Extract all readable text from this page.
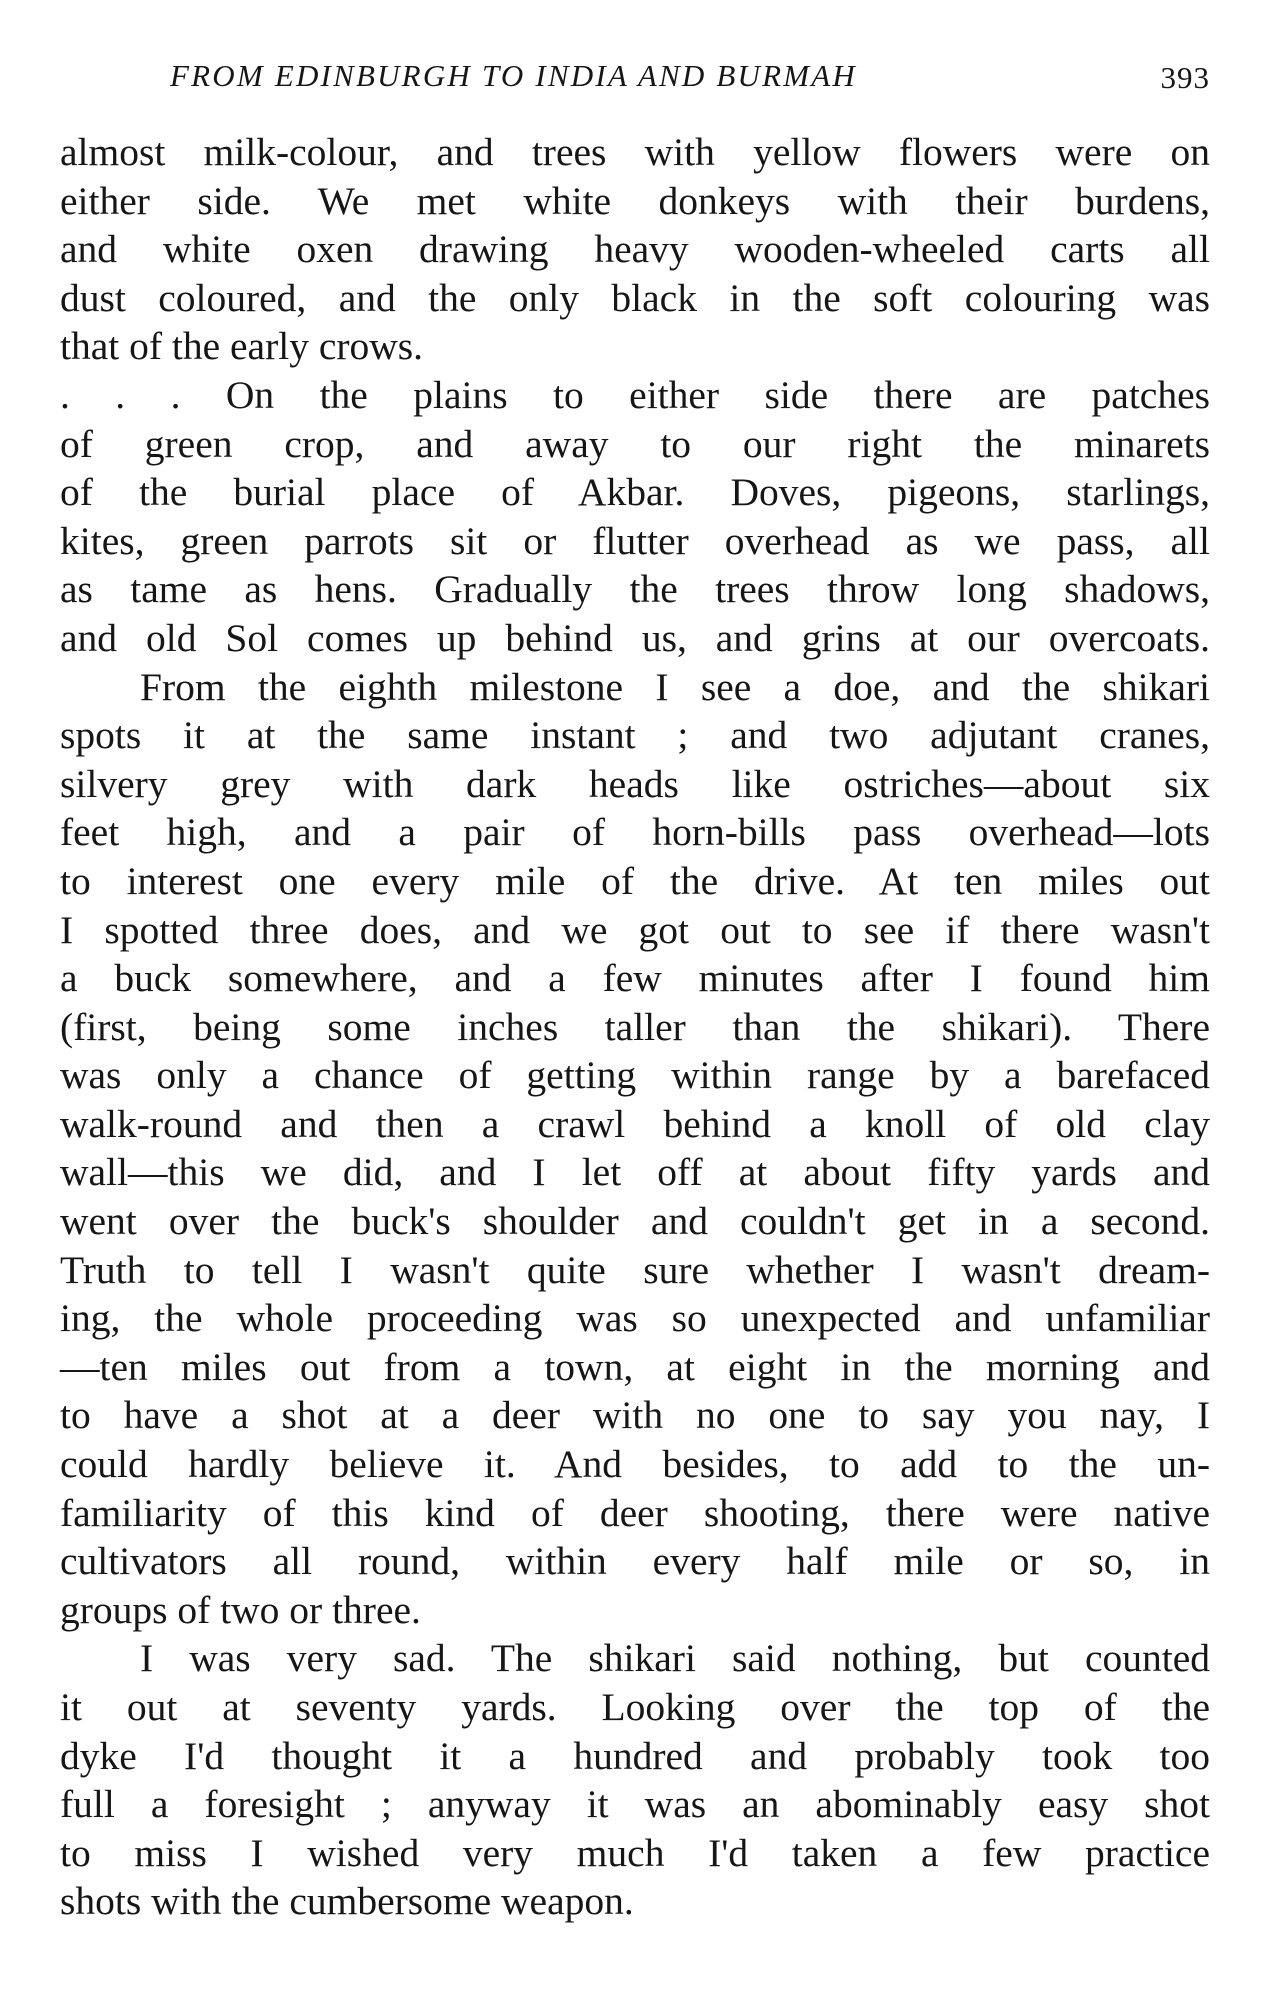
FROM EDINBURGH TO INDIA AND BURMAH	393
almost milk-colour, and trees with yellow flowers were on
either side. We met white donkeys with their burdens,
and white oxen drawing heavy wooden-wheeled carts all
dust coloured, and the only black in the soft colouring was
that of the early crows.
. . . On the plains to either side there are patches
of green crop, and away to our right the minarets
of the burial place of Akbar. Doves, pigeons, starlings,
kites, green parrots sit or flutter overhead as we pass, all
as tame as hens. Gradually the trees throw long shadows,
and old Sol comes up behind us, and grins at our overcoats.
From the eighth milestone I see a doe, and the shikari
spots it at the same instant ; and two adjutant cranes,
silvery grey with dark heads like ostriches—about six
feet high, and a pair of horn-bills pass overhead—lots
to interest one every mile of the drive. At ten miles out
I spotted three does, and we got out to see if there wasn't
a buck somewhere, and a few minutes after I found him
(first, being some inches taller than the shikari). There
was only a chance of getting within range by a barefaced
walk-round and then a crawl behind a knoll of old clay
wall—this we did, and I let off at about fifty yards and
went over the buck's shoulder and couldn't get in a second.
Truth to tell I wasn't quite sure whether I wasn't dream-
ing, the whole proceeding was so unexpected and unfamiliar
—ten miles out from a town, at eight in the morning and
to have a shot at a deer with no one to say you nay, I
could hardly believe it. And besides, to add to the un-
familiarity of this kind of deer shooting, there were native
cultivators all round, within every half mile or so, in
groups of two or three.
I was very sad. The shikari said nothing, but counted
it out at seventy yards. Looking over the top of the
dyke I'd thought it a hundred and probably took too
full a foresight ; anyway it was an abominably easy shot
to miss I wished very much I'd taken a few practice
shots with the cumbersome weapon.
